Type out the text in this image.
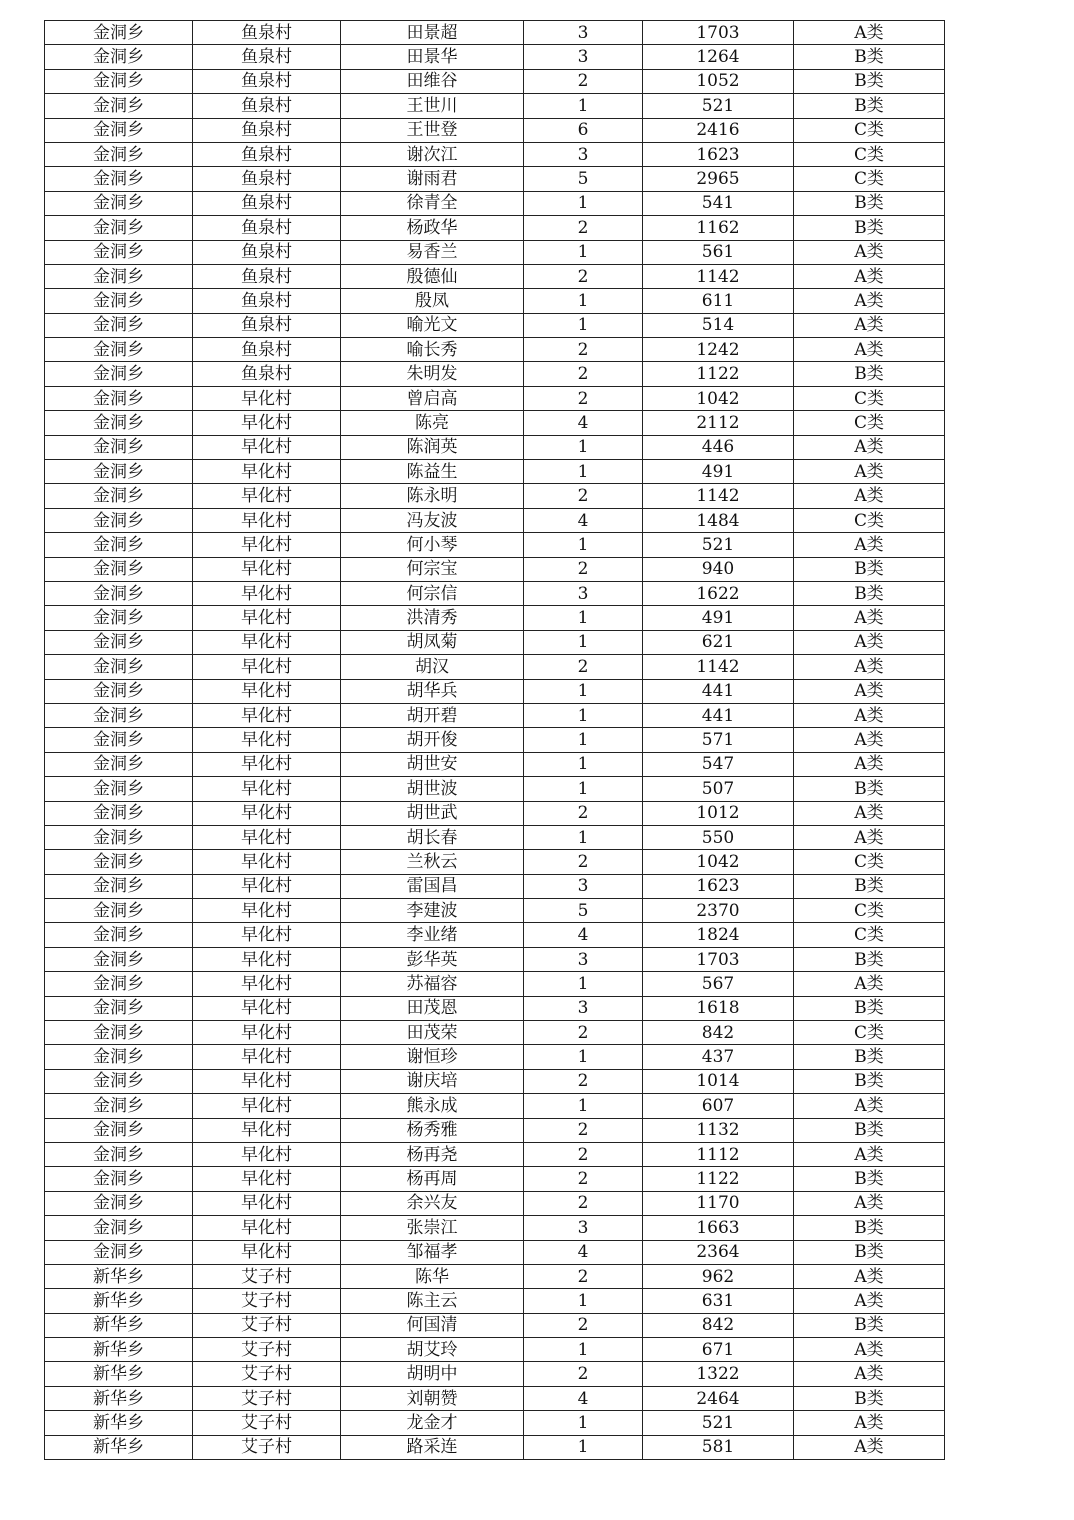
金洞乡	鱼泉村	田景超	3	1703	A类
金洞乡	鱼泉村	田景华	3	1264	B类
金洞乡	鱼泉村	田维谷	2	1052	B类
金洞乡	鱼泉村	王世川	1	521	B类
金洞乡	鱼泉村	王世登	6	2416	C类
金洞乡	鱼泉村	谢次江	3	1623	C类
金洞乡	鱼泉村	谢雨君	5	2965	C类
金洞乡	鱼泉村	徐青全	1	541	B类
金洞乡	鱼泉村	杨政华	2	1162	B类
金洞乡	鱼泉村	易香兰	1	561	A类
金洞乡	鱼泉村	殷德仙	2	1142	A类
金洞乡	鱼泉村	殷凤	1	611	A类
金洞乡	鱼泉村	喻光文	1	514	A类
金洞乡	鱼泉村	喻长秀	2	1242	A类
金洞乡	鱼泉村	朱明发	2	1122	B类
金洞乡	早化村	曾启高	2	1042	C类
金洞乡	早化村	陈亮	4	2112	C类
金洞乡	早化村	陈润英	1	446	A类
金洞乡	早化村	陈益生	1	491	A类
金洞乡	早化村	陈永明	2	1142	A类
金洞乡	早化村	冯友波	4	1484	C类
金洞乡	早化村	何小琴	1	521	A类
金洞乡	早化村	何宗宝	2	940	B类
金洞乡	早化村	何宗信	3	1622	B类
金洞乡	早化村	洪清秀	1	491	A类
金洞乡	早化村	胡凤菊	1	621	A类
金洞乡	早化村	胡汉	2	1142	A类
金洞乡	早化村	胡华兵	1	441	A类
金洞乡	早化村	胡开碧	1	441	A类
金洞乡	早化村	胡开俊	1	571	A类
金洞乡	早化村	胡世安	1	547	A类
金洞乡	早化村	胡世波	1	507	B类
金洞乡	早化村	胡世武	2	1012	A类
金洞乡	早化村	胡长春	1	550	A类
金洞乡	早化村	兰秋云	2	1042	C类
金洞乡	早化村	雷国昌	3	1623	B类
金洞乡	早化村	李建波	5	2370	C类
金洞乡	早化村	李业绪	4	1824	C类
金洞乡	早化村	彭华英	3	1703	B类
金洞乡	早化村	苏福容	1	567	A类
金洞乡	早化村	田茂恩	3	1618	B类
金洞乡	早化村	田茂荣	2	842	C类
金洞乡	早化村	谢恒珍	1	437	B类
金洞乡	早化村	谢庆培	2	1014	B类
金洞乡	早化村	熊永成	1	607	A类
金洞乡	早化村	杨秀雅	2	1132	B类
金洞乡	早化村	杨再尧	2	1112	A类
金洞乡	早化村	杨再周	2	1122	B类
金洞乡	早化村	余兴友	2	1170	A类
金洞乡	早化村	张崇江	3	1663	B类
金洞乡	早化村	邹福孝	4	2364	B类
新华乡	艾子村	陈华	2	962	A类
新华乡	艾子村	陈主云	1	631	A类
新华乡	艾子村	何国清	2	842	B类
新华乡	艾子村	胡艾玲	1	671	A类
新华乡	艾子村	胡明中	2	1322	A类
新华乡	艾子村	刘朝赞	4	2464	B类
新华乡	艾子村	龙金才	1	521	A类
新华乡	艾子村	路采连	1	581	A类
